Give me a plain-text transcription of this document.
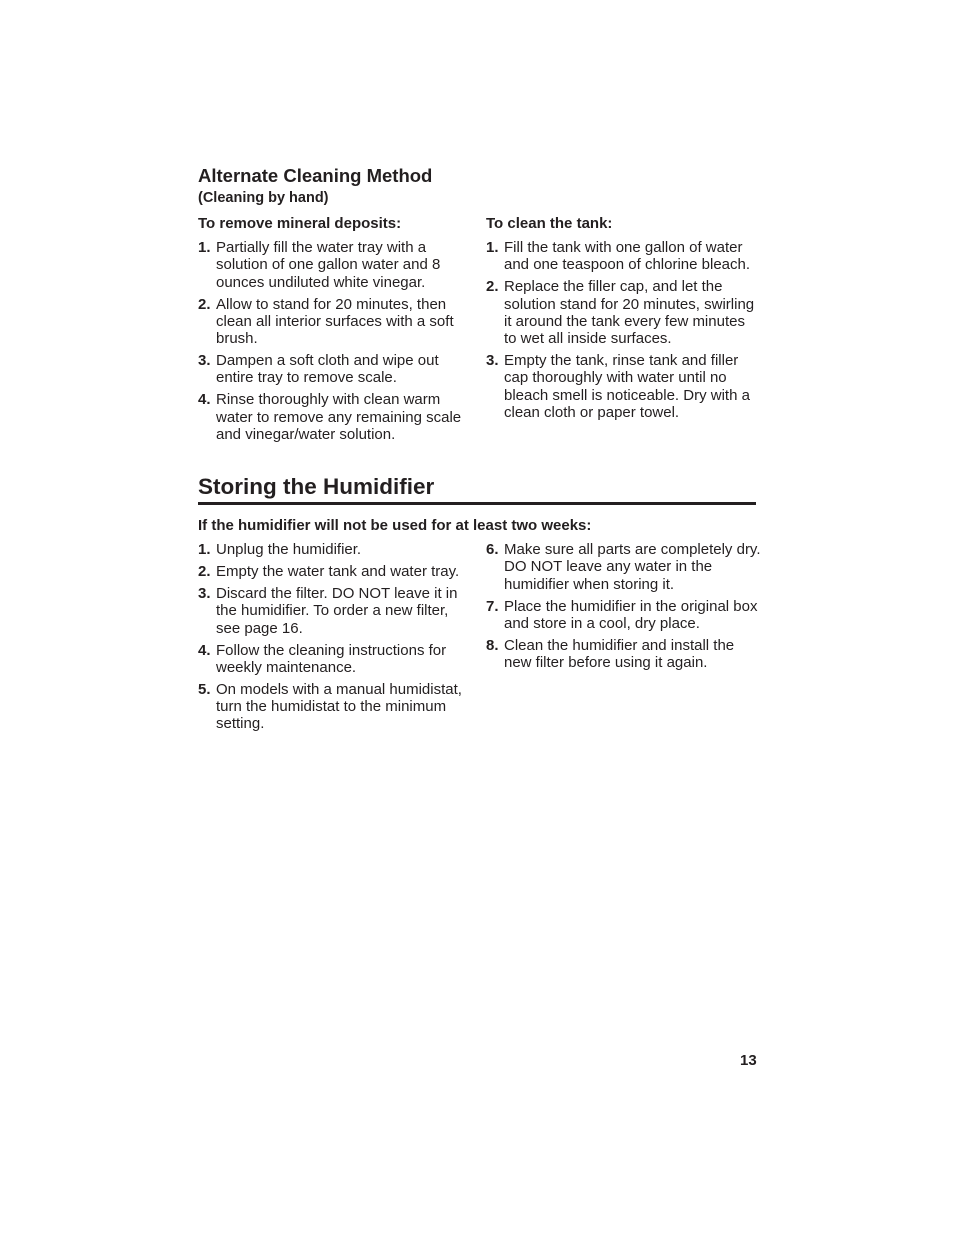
Alternate Cleaning Method
(Cleaning by hand)
To remove mineral deposits:
1. Partially fill the water tray with a solution of one gallon water and 8 ounces undiluted white vinegar.
2. Allow to stand for 20 minutes, then clean all interior surfaces with a soft brush.
3. Dampen a soft cloth and wipe out entire tray to remove scale.
4. Rinse thoroughly with clean warm water to remove any remaining scale and vinegar/water solution.
To clean the tank:
1. Fill the tank with one gallon of water and one teaspoon of chlorine bleach.
2. Replace the filler cap, and let the solution stand for 20 minutes, swirling it around the tank every few minutes to wet all inside surfaces.
3. Empty the tank, rinse tank and filler cap thoroughly with water until no bleach smell is noticeable. Dry with a clean cloth or paper towel.
Storing the Humidifier
If the humidifier will not be used for at least two weeks:
1. Unplug the humidifier.
2. Empty the water tank and water tray.
3. Discard the filter. DO NOT leave it in the humidifier. To order a new filter, see page 16.
4. Follow the cleaning instructions for weekly maintenance.
5. On models with a manual humidistat, turn the humidistat to the minimum setting.
6. Make sure all parts are completely dry. DO NOT leave any water in the humidifier when storing it.
7. Place the humidifier in the original box and store in a cool, dry place.
8. Clean the humidifier and install the new filter before using it again.
13
